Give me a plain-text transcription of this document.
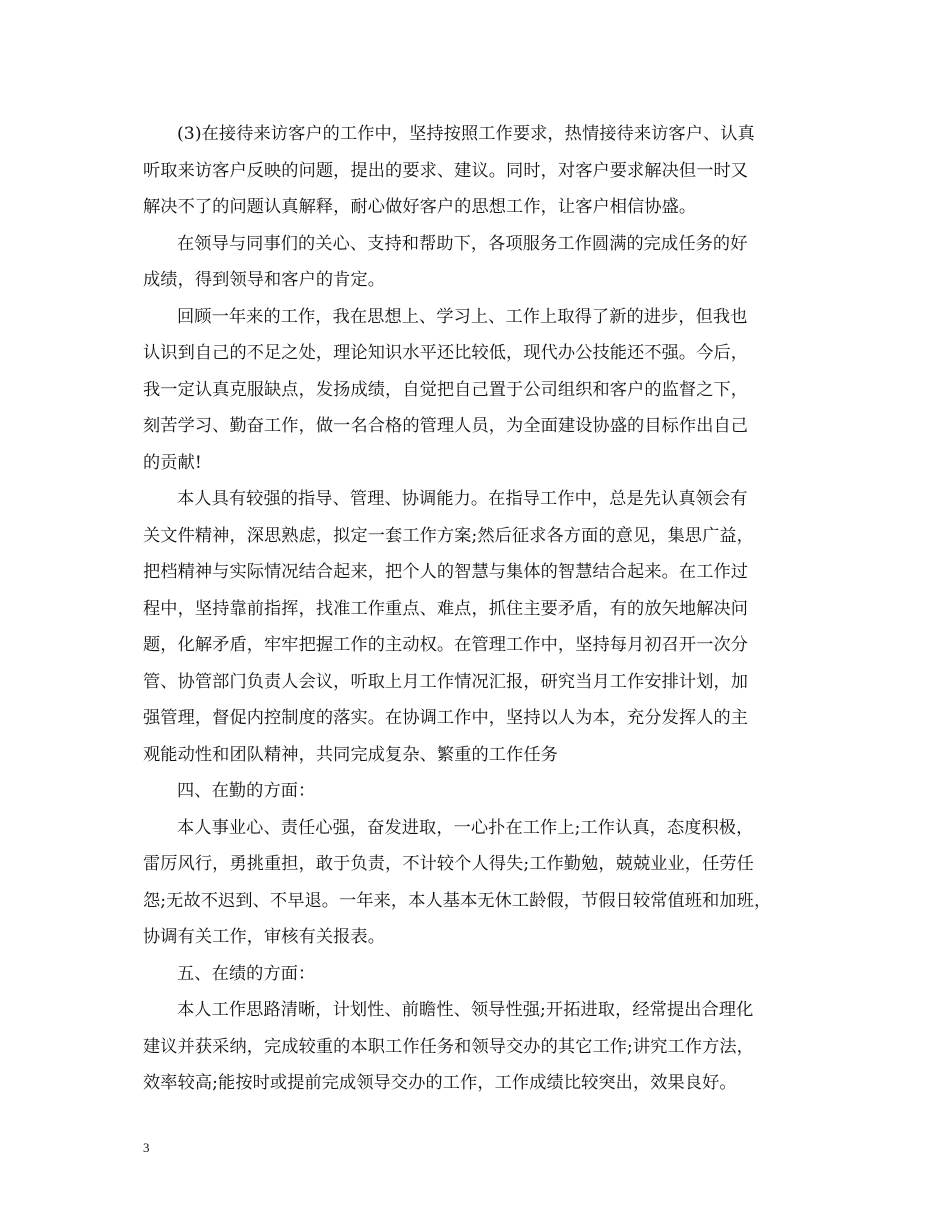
(3)在接待来访客户的工作中，坚持按照工作要求，热情接待来访客户、认真
听取来访客户反映的问题，提出的要求、建议。同时，对客户要求解决但一时又
解决不了的问题认真解释，耐心做好客户的思想工作，让客户相信协盛。
在领导与同事们的关心、支持和帮助下，各项服务工作圆满的完成任务的好
成绩，得到领导和客户的肯定。
回顾一年来的工作，我在思想上、学习上、工作上取得了新的进步，但我也
认识到自己的不足之处，理论知识水平还比较低，现代办公技能还不强。今后，
我一定认真克服缺点，发扬成绩，自觉把自己置于公司组织和客户的监督之下，
刻苦学习、勤奋工作，做一名合格的管理人员，为全面建设协盛的目标作出自己
的贡献!
本人具有较强的指导、管理、协调能力。在指导工作中，总是先认真领会有
关文件精神，深思熟虑，拟定一套工作方案;然后征求各方面的意见，集思广益，
把档精神与实际情况结合起来，把个人的智慧与集体的智慧结合起来。在工作过
程中，坚持靠前指挥，找准工作重点、难点，抓住主要矛盾，有的放矢地解决问
题，化解矛盾，牢牢把握工作的主动权。在管理工作中，坚持每月初召开一次分
管、协管部门负责人会议，听取上月工作情况汇报，研究当月工作安排计划，加
强管理，督促内控制度的落实。在协调工作中，坚持以人为本，充分发挥人的主
观能动性和团队精神，共同完成复杂、繁重的工作任务
四、在勤的方面：
本人事业心、责任心强，奋发进取，一心扑在工作上;工作认真，态度积极，
雷厉风行，勇挑重担，敢于负责，不计较个人得失;工作勤勉，兢兢业业，任劳任
怨;无故不迟到、不早退。一年来，本人基本无休工龄假，节假日较常值班和加班，
协调有关工作，审核有关报表。
五、在绩的方面：
本人工作思路清晰，计划性、前瞻性、领导性强;开拓进取，经常提出合理化
建议并获采纳，完成较重的本职工作任务和领导交办的其它工作;讲究工作方法，
效率较高;能按时或提前完成领导交办的工作，工作成绩比较突出，效果良好。
3
